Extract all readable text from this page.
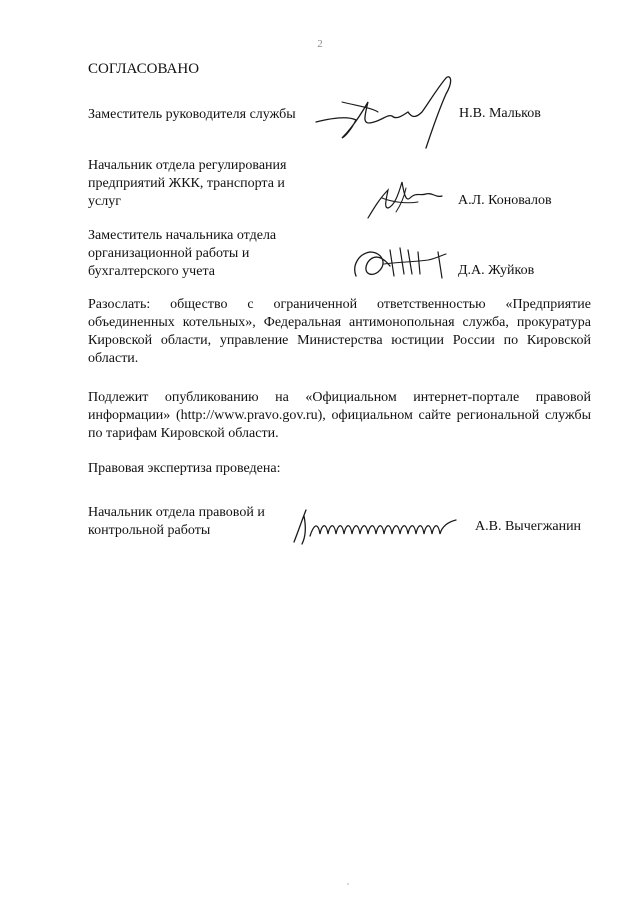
2
СОГЛАСОВАНО
Заместитель руководителя службы	Н.В. Мальков
Начальник отдела регулирования предприятий ЖКК, транспорта и услуг	А.Л. Коновалов
Заместитель начальника отдела организационной работы и бухгалтерского учета	Д.А. Жуйков
Разослать: общество с ограниченной ответственностью «Предприятие объединенных котельных», Федеральная антимонопольная служба, прокуратура Кировской области, управление Министерства юстиции России по Кировской области.
Подлежит опубликованию на «Официальном интернет-портале правовой информации» (http://www.pravo.gov.ru), официальном сайте региональной службы по тарифам Кировской области.
Правовая экспертиза проведена:
Начальник отдела правовой и контрольной работы	А.В. Вычегжанин
